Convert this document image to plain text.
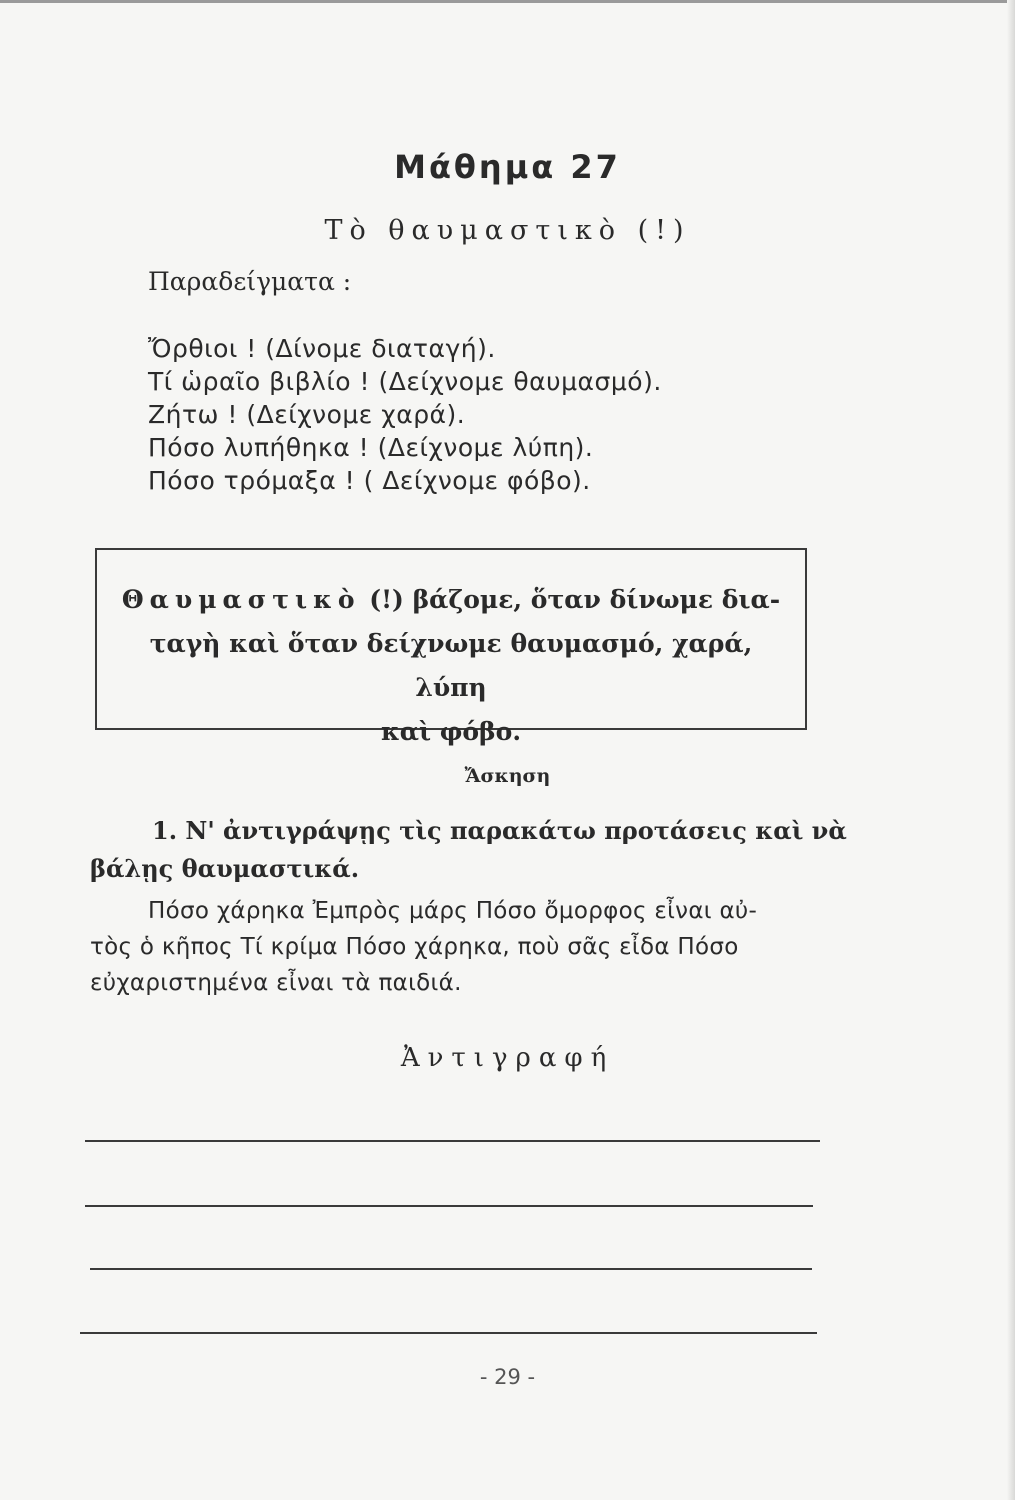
Μάθημα 27
Τὸ θαυμαστικὸ (!)
Παραδείγματα :
Ὄρθιοι ! (Δίνομε διαταγή).
Τί ὡραῖο βιβλίο ! (Δείχνομε θαυμασμό).
Ζήτω ! (Δείχνομε χαρά).
Πόσο λυπήθηκα ! (Δείχνομε λύπη).
Πόσο τρόμαξα ! ( Δείχνομε φόβο).
Θαυμαστικὸ (!) βάζομε, ὅταν δίνωμε δια-
ταγὴ καὶ ὅταν δείχνωμε θαυμασμό, χαρά, λύπη
καὶ φόβο.
Ἄσκηση
1. Ν' ἀντιγράψῃς τὶς παρακάτω προτάσεις καὶ νὰ
βάλῃς θαυμαστικά.
Πόσο χάρηκα Ἐμπρὸς μάρς Πόσο ὄμορφος εἶναι αὐ-
τὸς ὁ κῆπος Τί κρίμα Πόσο χάρηκα, ποὺ σᾶς εἶδα Πόσο
εὐχαριστημένα εἶναι τὰ παιδιά.
Ἀντιγραφή
- 29 -
